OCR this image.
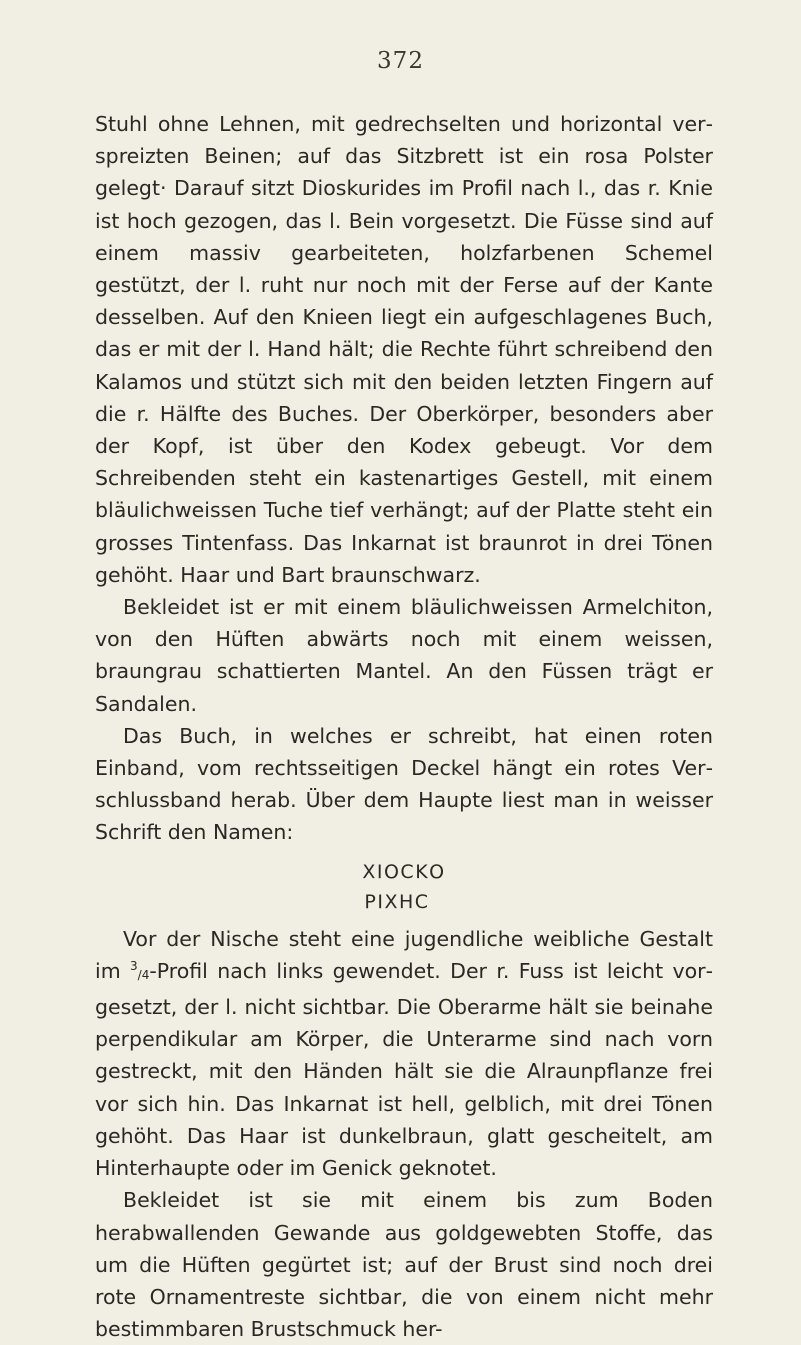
372

Stuhl ohne Lehnen, mit gedrechselten und horizontal verspreizten Beinen; auf das Sitzbrett ist ein rosa Polster gelegt· Darauf sitzt Dioskurides im Profil nach l., das r. Knie ist hoch gezogen, das l. Bein vorgesetzt. Die Füsse sind auf einem massiv gearbeiteten, holzfarbenen Schemel gestützt, der l. ruht nur noch mit der Ferse auf der Kante desselben. Auf den Knieen liegt ein aufgeschlagenes Buch, das er mit der l. Hand hält; die Rechte führt schreibend den Kalamos und stützt sich mit den beiden letzten Fingern auf die r. Hälfte des Buches. Der Oberkörper, besonders aber der Kopf, ist über den Kodex gebeugt. Vor dem Schreibenden steht ein kastenartiges Gestell, mit einem bläulichweissen Tuche tief verhängt; auf der Platte steht ein grosses Tintenfass. Das Inkarnat ist braunrot in drei Tönen gehöht. Haar und Bart braunschwarz.

Bekleidet ist er mit einem bläulichweissen Armelchiton, von den Hüften abwärts noch mit einem weissen, braungrau schattierten Mantel. An den Füssen trägt er Sandalen.

Das Buch, in welches er schreibt, hat einen roten Einband, vom rechtsseitigen Deckel hängt ein rotes Verschlussband herab. Über dem Haupte liest man in weisser Schrift den Namen:

ΧΙΟCΚΟ
ΡΙΧΗC

Vor der Nische steht eine jugendliche weibliche Gestalt im $^3$/4-Profil nach links gewendet. Der r. Fuss ist leicht vorgesetzt, der l. nicht sichtbar. Die Oberarme hält sie beinahe perpendikular am Körper, die Unterarme sind nach vorn gestreckt, mit den Händen hält sie die Alraunpflanze frei vor sich hin. Das Inkarnat ist hell, gelblich, mit drei Tönen gehöht. Das Haar ist dunkelbraun, glatt gescheitelt, am Hinterhaupte oder im Genick geknotet.

Bekleidet ist sie mit einem bis zum Boden herabwallenden Gewande aus goldgewebten Stoffe, das um die Hüften gegürtet ist; auf der Brust sind noch drei rote Ornamentreste sichtbar, die von einem nicht mehr bestimmbaren Brustschmuck her-
